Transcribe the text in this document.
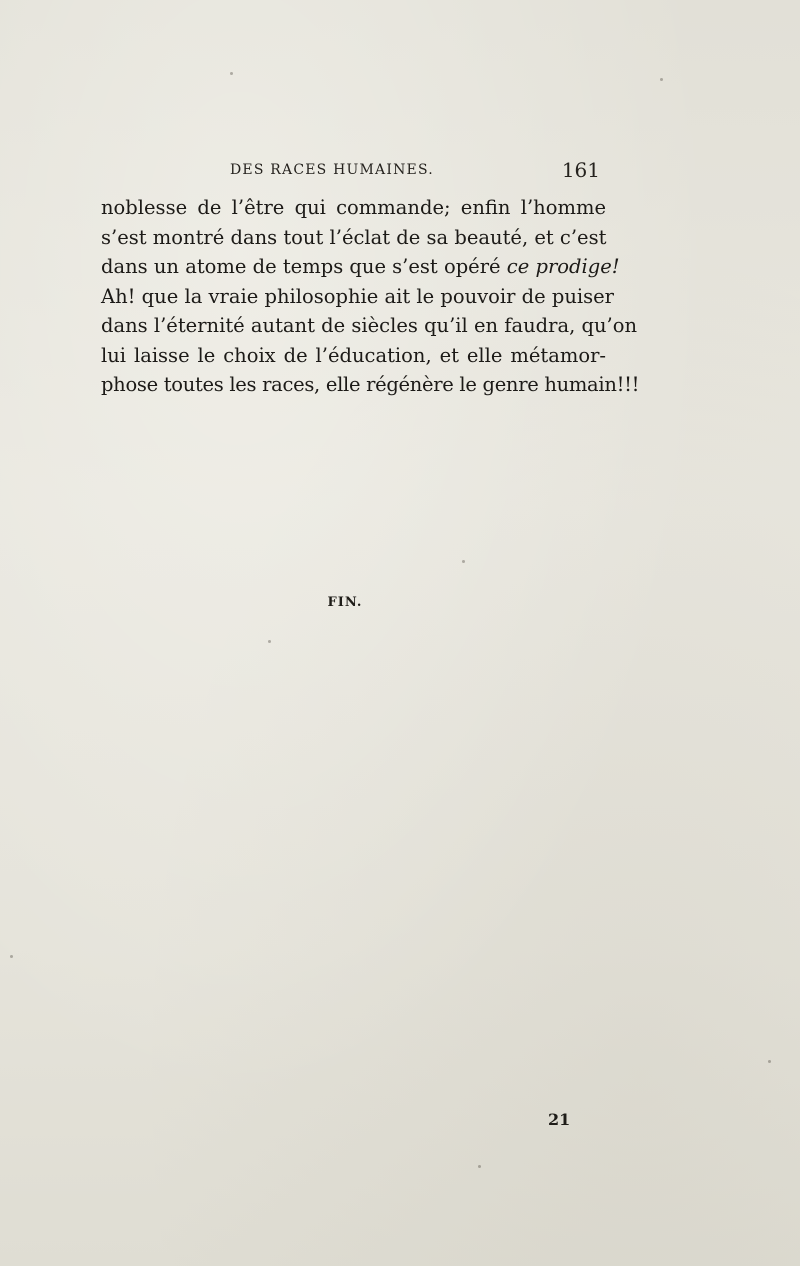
DES RACES HUMAINES.	161
noblesse de l’être qui commande; enfin l’homme
s’est montré dans tout l’éclat de sa beauté, et c’est
dans un atome de temps que s’est opéré ce prodige!
Ah! que la vraie philosophie ait le pouvoir de puiser
dans l’éternité autant de siècles qu’il en faudra, qu’on
lui laisse le choix de l’éducation, et elle métamor-
phose toutes les races, elle régénère le genre humain!!!
FIN.
21
